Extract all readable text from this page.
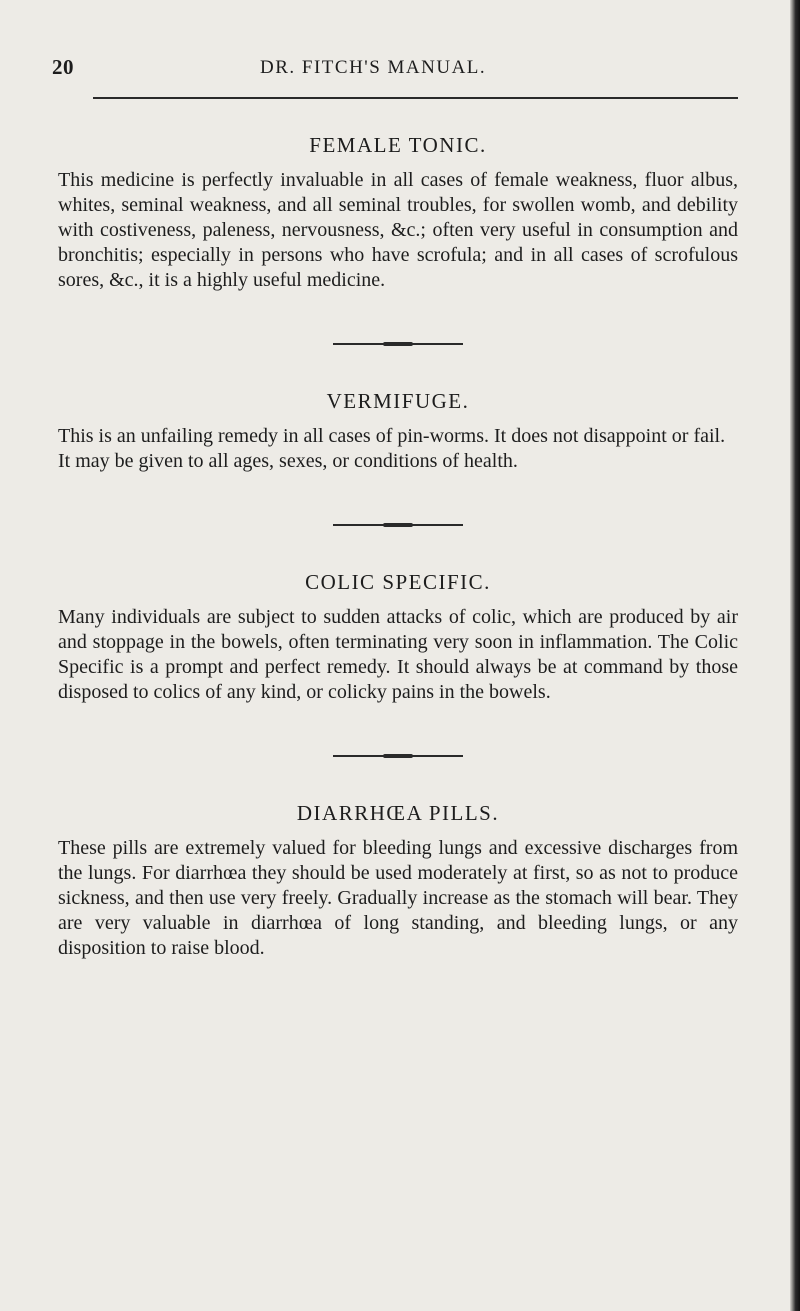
20	DR. FITCH'S MANUAL.
FEMALE TONIC.

This medicine is perfectly invaluable in all cases of female weakness, fluor albus, whites, seminal weakness, and all seminal troubles, for swollen womb, and debility with costiveness, paleness, nervousness, &c.; often very useful in consumption and bronchitis; especially in persons who have scrofula; and in all cases of scrofulous sores, &c., it is a highly useful medicine.

VERMIFUGE.

This is an unfailing remedy in all cases of pin-worms. It does not disappoint or fail.

It may be given to all ages, sexes, or conditions of health.

COLIC SPECIFIC.

Many individuals are subject to sudden attacks of colic, which are produced by air and stoppage in the bowels, often terminating very soon in inflammation. The Colic Specific is a prompt and perfect remedy. It should always be at command by those disposed to colics of any kind, or colicky pains in the bowels.

DIARRHŒA PILLS.

These pills are extremely valued for bleeding lungs and excessive discharges from the lungs. For diarrhœa they should be used moderately at first, so as not to produce sickness, and then use very freely. Gradually increase as the stomach will bear. They are very valuable in diarrhœa of long standing, and bleeding lungs, or any disposition to raise blood.
